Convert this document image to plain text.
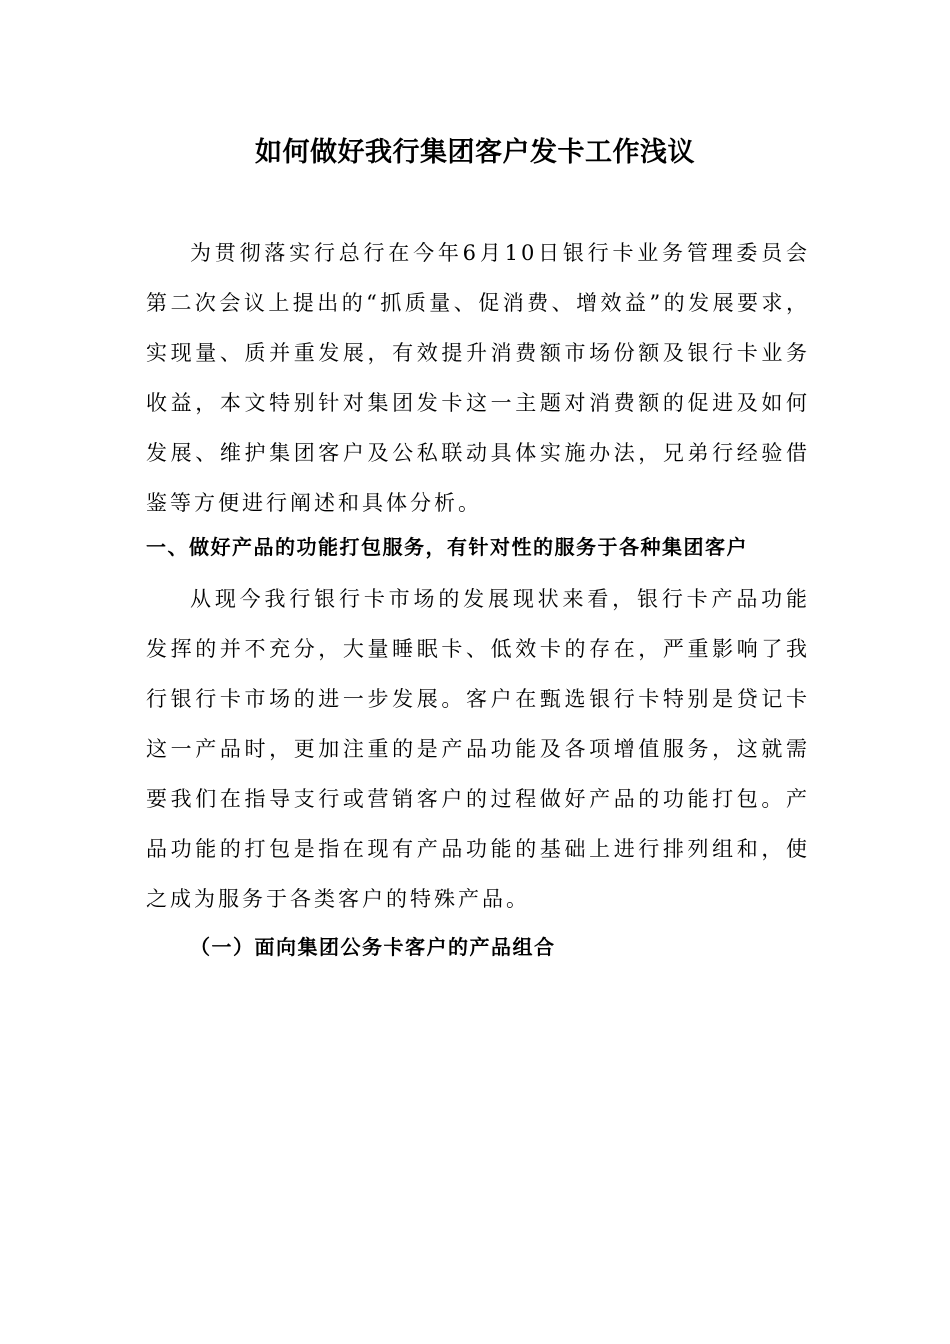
如何做好我行集团客户发卡工作浅议

为贯彻落实行总行在今年6月10日银行卡业务管理委员会第二次会议上提出的“抓质量、促消费、增效益”的发展要求，实现量、质并重发展，有效提升消费额市场份额及银行卡业务收益，本文特别针对集团发卡这一主题对消费额的促进及如何发展、维护集团客户及公私联动具体实施办法，兄弟行经验借鉴等方便进行阐述和具体分析。

一、做好产品的功能打包服务，有针对性的服务于各种集团客户

从现今我行银行卡市场的发展现状来看，银行卡产品功能发挥的并不充分，大量睡眠卡、低效卡的存在，严重影响了我行银行卡市场的进一步发展。客户在甄选银行卡特别是贷记卡这一产品时，更加注重的是产品功能及各项增值服务，这就需要我们在指导支行或营销客户的过程做好产品的功能打包。产品功能的打包是指在现有产品功能的基础上进行排列组和，使之成为服务于各类客户的特殊产品。

（一）面向集团公务卡客户的产品组合
